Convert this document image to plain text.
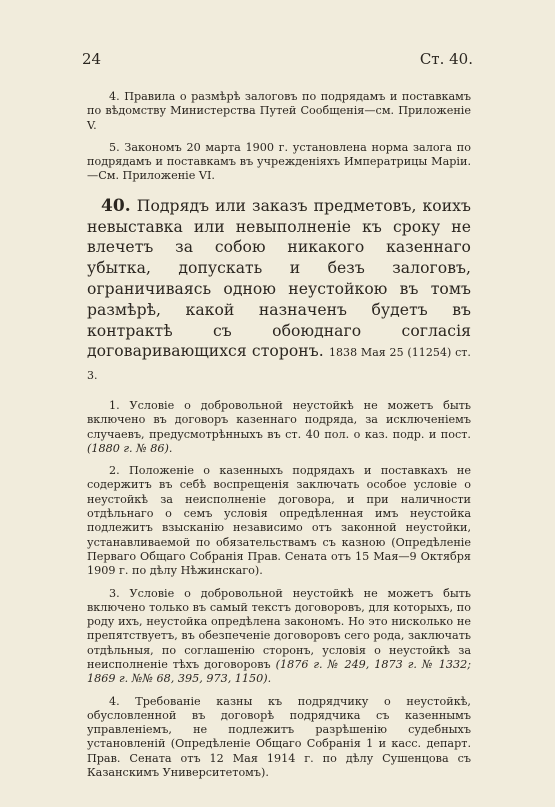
24	Ст. 40.

4. Правила о размѣрѣ залоговъ по подрядамъ и поставкамъ по вѣдомству Министерства Путей Сообщенія—см. Приложеніе V.

5. Закономъ 20 марта 1900 г. установлена норма залога по подрядамъ и поставкамъ въ учрежденіяхъ Императрицы Маріи.—См. Приложеніе VI.

40. Подрядъ или заказъ предметовъ, коихъ невыставка или невыполненіе къ сроку не влечетъ за собою никакого казеннаго убытка, допускать и безъ залоговъ, ограничиваясь одною неустойкою въ томъ размѣрѣ, какой назначенъ будетъ въ контрактѣ съ обоюднаго согласія договаривающихся сторонъ. 1838 Мая 25 (11254) ст. 3.

1. Условіе о добровольной неустойкѣ не можетъ быть включено въ договоръ казеннаго подряда, за исключеніемъ случаевъ, предусмотрѣнныхъ въ ст. 40 пол. о каз. подр. и пост. (1880 г. № 86).

2. Положеніе о казенныхъ подрядахъ и поставкахъ не содержитъ въ себѣ воспрещенія заключать особое условіе о неустойкѣ за неисполненіе договора, и при наличности отдѣльнаго о семъ условія опредѣленная имъ неустойка подлежитъ взысканію независимо отъ законной неустойки, устанавливаемой по обязательствамъ съ казною (Опредѣленіе Перваго Общаго Собранія Прав. Сената отъ 15 Мая—9 Октября 1909 г. по дѣлу Нѣжинскаго).

3. Условіе о добровольной неустойкѣ не можетъ быть включено только въ самый текстъ договоровъ, для которыхъ, по роду ихъ, неустойка опредѣлена закономъ. Но это нисколько не препятствуетъ, въ обезпеченіе договоровъ сего рода, заключать отдѣльныя, по соглашенію сторонъ, условія о неустойкѣ за неисполненіе тѣхъ договоровъ (1876 г. № 249, 1873 г. № 1332; 1869 г. №№ 68, 395, 973, 1150).

4. Требованіе казны къ подрядчику о неустойкѣ, обусловленной въ договорѣ подрядчика съ казеннымъ управленіемъ, не подлежитъ разрѣшенію судебныхъ установленій (Опредѣленіе Общаго Собранія 1 и касс. департ. Прав. Сената отъ 12 Мая 1914 г. по дѣлу Сушенцова съ Казанскимъ Университетомъ).
